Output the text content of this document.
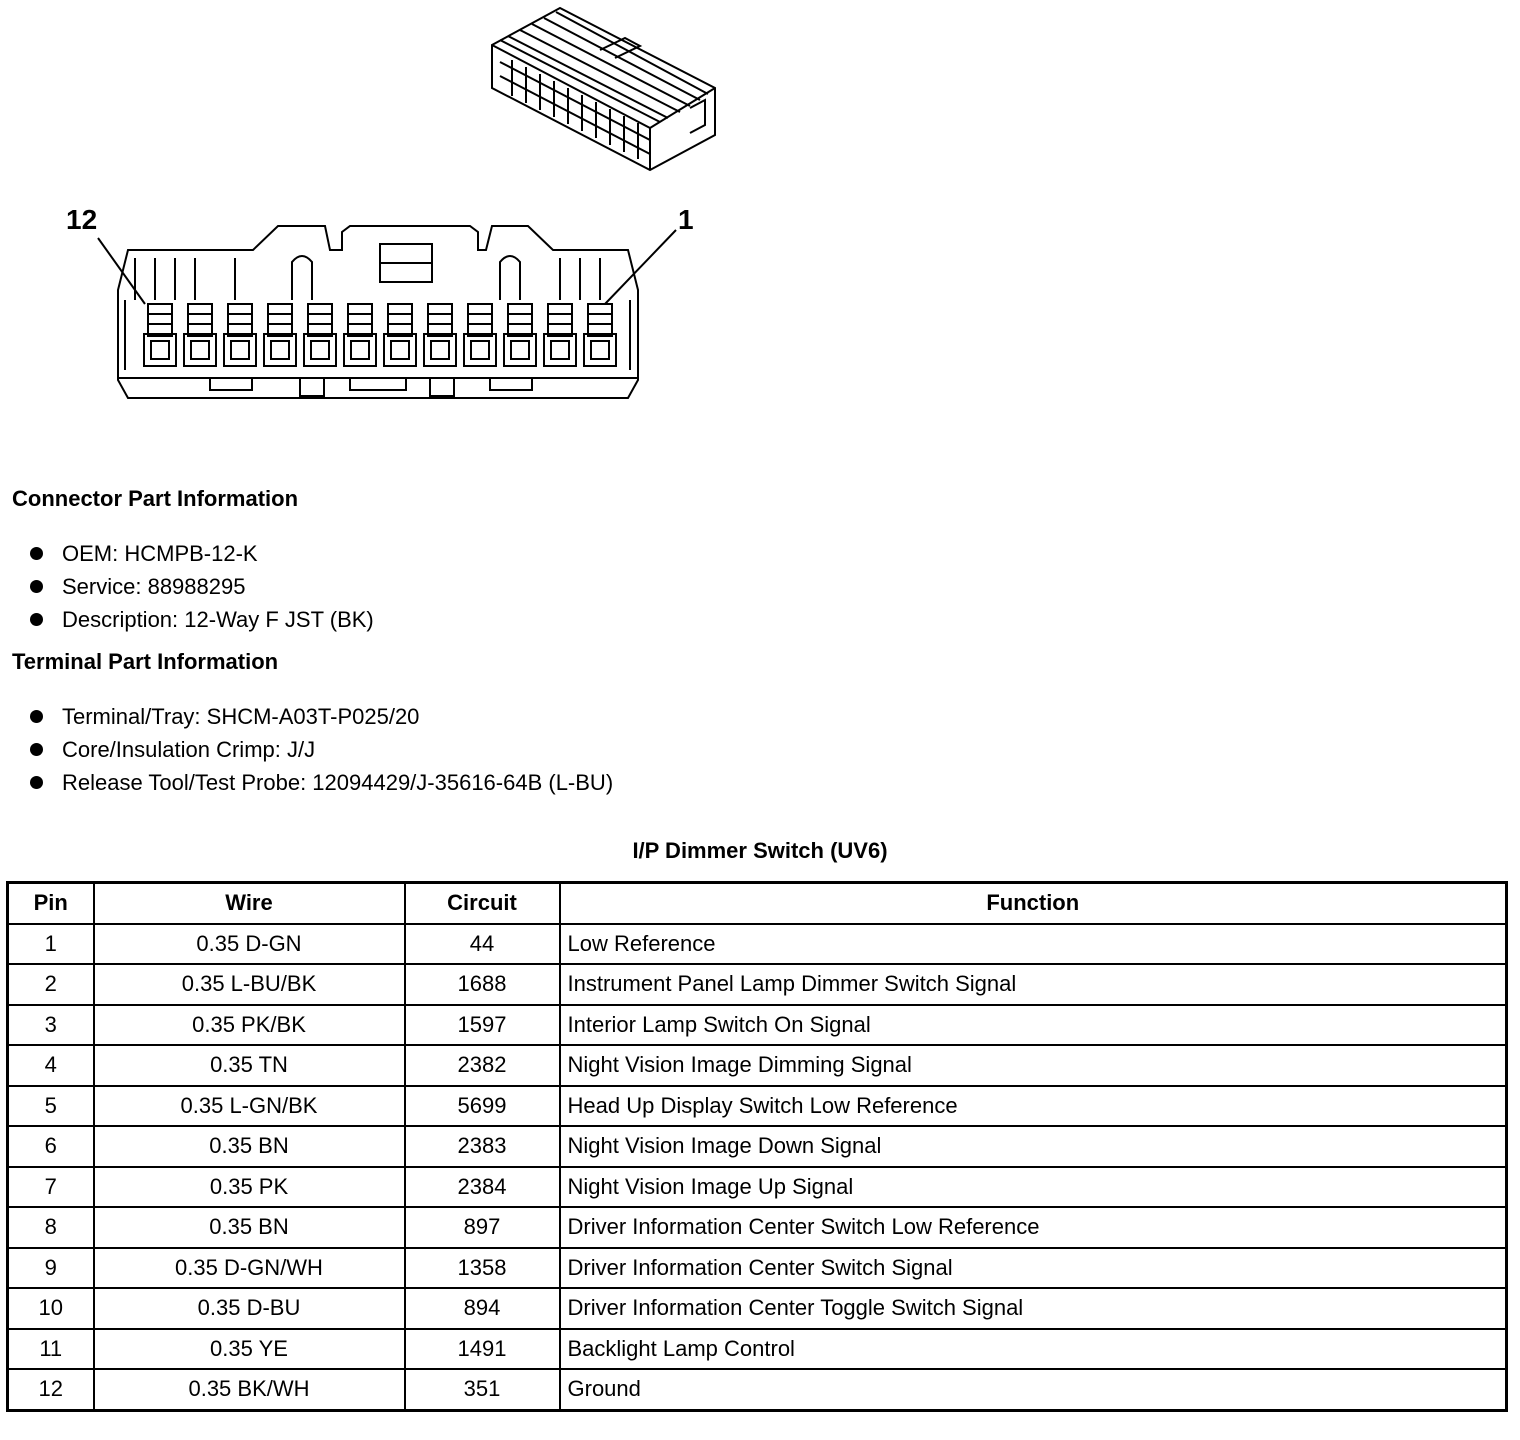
12	1
Connector Part Information
OEM: HCMPB-12-K
Service: 88988295
Description: 12-Way F JST (BK)
Terminal Part Information
Terminal/Tray: SHCM-A03T-P025/20
Core/Insulation Crimp: J/J
Release Tool/Test Probe: 12094429/J-35616-64B (L-BU)
I/P Dimmer Switch (UV6)
Pin	Wire	Circuit	Function
1	0.35 D-GN	44	Low Reference
2	0.35 L-BU/BK	1688	Instrument Panel Lamp Dimmer Switch Signal
3	0.35 PK/BK	1597	Interior Lamp Switch On Signal
4	0.35 TN	2382	Night Vision Image Dimming Signal
5	0.35 L-GN/BK	5699	Head Up Display Switch Low Reference
6	0.35 BN	2383	Night Vision Image Down Signal
7	0.35 PK	2384	Night Vision Image Up Signal
8	0.35 BN	897	Driver Information Center Switch Low Reference
9	0.35 D-GN/WH	1358	Driver Information Center Switch Signal
10	0.35 D-BU	894	Driver Information Center Toggle Switch Signal
11	0.35 YE	1491	Backlight Lamp Control
12	0.35 BK/WH	351	Ground
